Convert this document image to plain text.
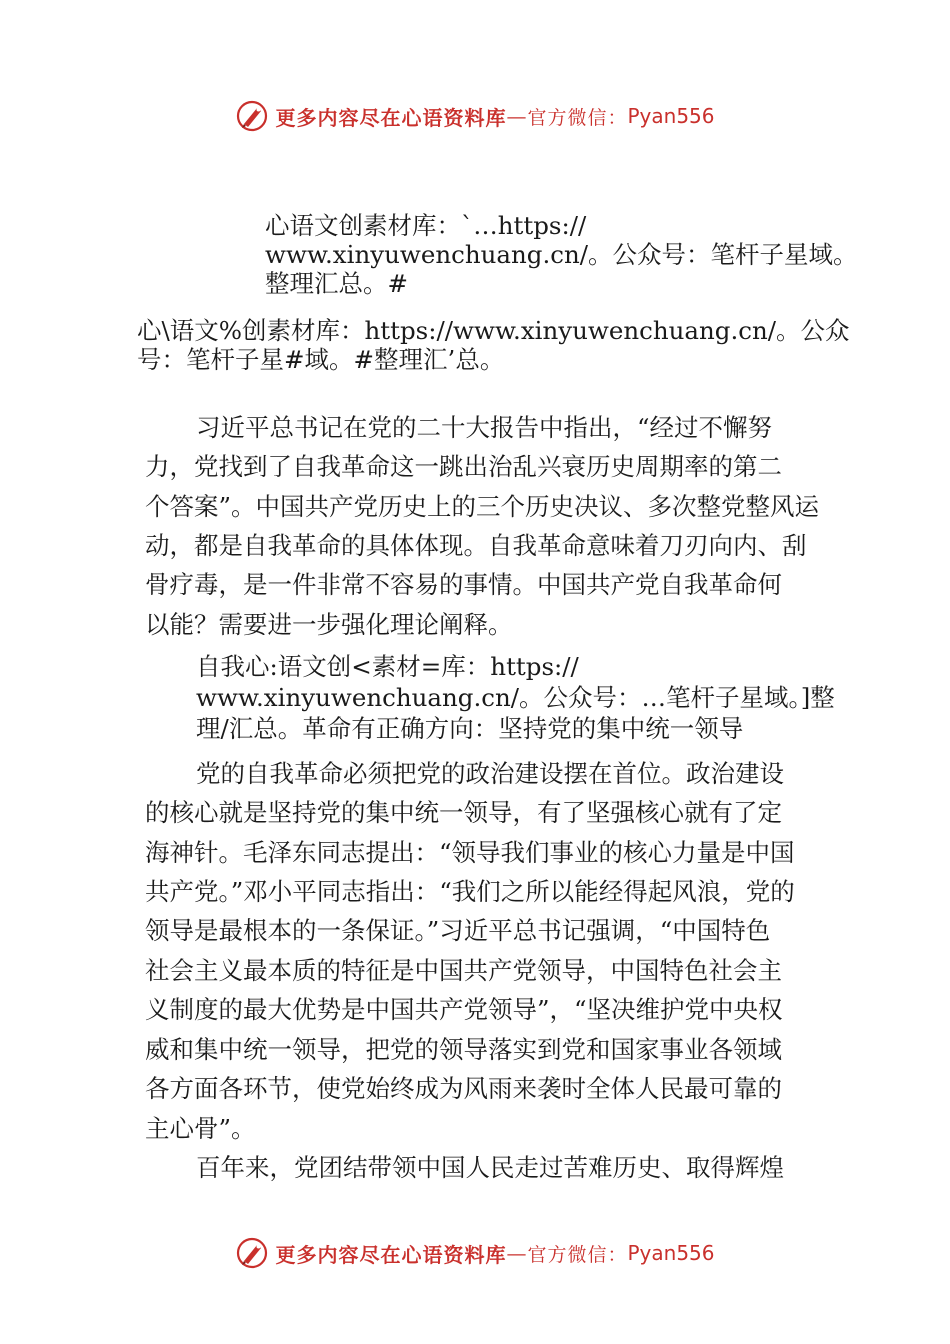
更多内容尽在心语资料库 — 官方微信： Pyan556
心语文创素材库：`…https://
www.xinyuwenchuang.cn/。公众号：笔杆子星域。
整理汇总。#
心\语文%创素材库：https://www.xinyuwenchuang.cn/。公众
号：笔杆子星#域。#整理汇’总。
习近平总书记在党的二十大报告中指出，“经过不懈努
力，党找到了自我革命这一跳出治乱兴衰历史周期率的第二
个答案”。中国共产党历史上的三个历史决议、多次整党整风运
动，都是自我革命的具体体现。自我革命意味着刀刃向内、刮
骨疗毒，是一件非常不容易的事情。中国共产党自我革命何
以能？需要进一步强化理论阐释。
自我心:语文创<素材=库：https://
www.xinyuwenchuang.cn/。公众号：…笔杆子星域。]整
理/汇总。革命有正确方向：坚持党的集中统一领导
党的自我革命必须把党的政治建设摆在首位。政治建设
的核心就是坚持党的集中统一领导，有了坚强核心就有了定
海神针。毛泽东同志提出：“领导我们事业的核心力量是中国
共产党。”邓小平同志指出：“我们之所以能经得起风浪，党的
领导是最根本的一条保证。”习近平总书记强调，“中国特色
社会主义最本质的特征是中国共产党领导，中国特色社会主
义制度的最大优势是中国共产党领导”，“坚决维护党中央权
威和集中统一领导，把党的领导落实到党和国家事业各领域
各方面各环节，使党始终成为风雨来袭时全体人民最可靠的
主心骨”。
百年来，党团结带领中国人民走过苦难历史、取得辉煌
更多内容尽在心语资料库 — 官方微信： Pyan556
